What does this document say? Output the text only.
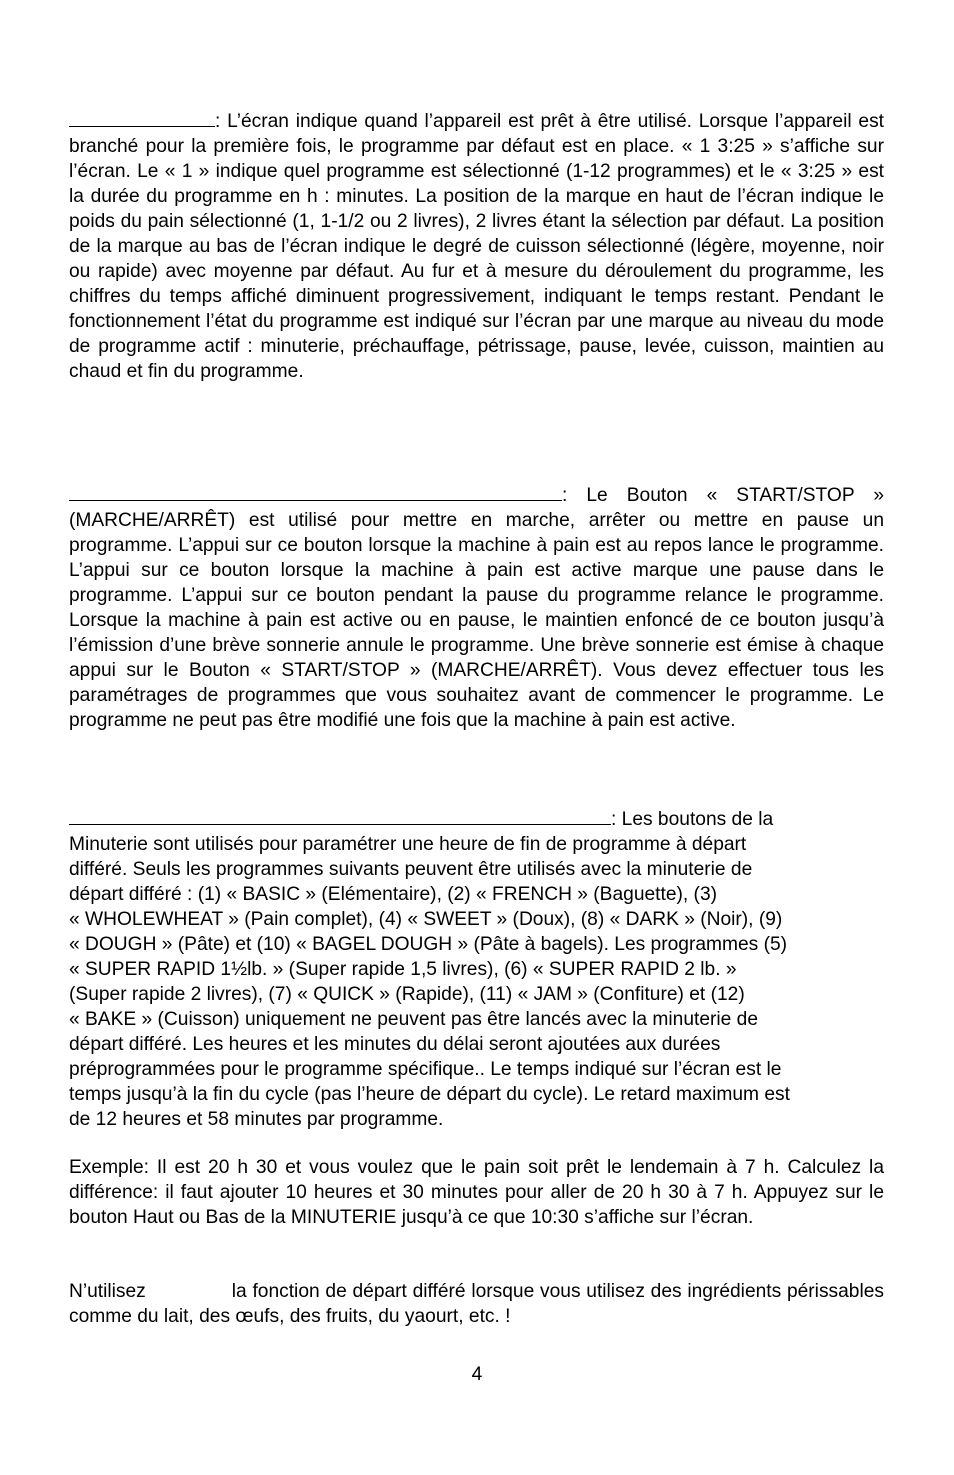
: L’écran indique quand l’appareil est prêt à être utilisé. Lorsque l’appareil est branché pour la première fois, le programme par défaut est en place. « 1 3:25 » s’affiche sur l’écran. Le « 1 » indique quel programme est sélectionné (1-12 programmes) et le « 3:25 » est la durée du programme en h : minutes. La position de la marque en haut de l’écran indique le poids du pain sélectionné (1, 1-1/2 ou 2 livres), 2 livres étant la sélection par défaut. La position de la marque au bas de l’écran indique le degré de cuisson sélectionné (légère, moyenne, noir ou rapide) avec moyenne par défaut. Au fur et à mesure du déroulement du programme, les chiffres du temps affiché diminuent progressivement, indiquant le temps restant. Pendant le fonctionnement l’état du programme est indiqué sur l’écran par une marque au niveau du mode de programme actif : minuterie, préchauffage, pétrissage, pause, levée, cuisson, maintien au chaud et fin du programme.

: Le Bouton « START/STOP » (MARCHE/ARRÊT) est utilisé pour mettre en marche, arrêter ou mettre en pause un programme. L’appui sur ce bouton lorsque la machine à pain est au repos lance le programme. L’appui sur ce bouton lorsque la machine à pain est active marque une pause dans le programme. L’appui sur ce bouton pendant la pause du programme relance le programme. Lorsque la machine à pain est active ou en pause, le maintien enfoncé de ce bouton jusqu’à l’émission d’une brève sonnerie annule le programme. Une brève sonnerie est émise à chaque appui sur le Bouton « START/STOP » (MARCHE/ARRÊT). Vous devez effectuer tous les paramétrages de programmes que vous souhaitez avant de commencer le programme. Le programme ne peut pas être modifié une fois que la machine à pain est active.

: Les boutons de la
Minuterie sont utilisés pour paramétrer une heure de fin de programme à départ
différé. Seuls les programmes suivants peuvent être utilisés avec la minuterie de
départ différé : (1) « BASIC » (Elémentaire), (2) « FRENCH » (Baguette), (3)
« WHOLEWHEAT » (Pain complet), (4) « SWEET » (Doux), (8) « DARK » (Noir), (9)
« DOUGH » (Pâte) et (10) « BAGEL DOUGH » (Pâte à bagels). Les programmes (5)
« SUPER RAPID 1½lb. » (Super rapide 1,5 livres), (6) « SUPER RAPID 2 lb. »
(Super rapide 2 livres), (7) « QUICK » (Rapide), (11) « JAM » (Confiture) et (12)
« BAKE » (Cuisson) uniquement ne peuvent pas être lancés avec la minuterie de
départ différé. Les heures et les minutes du délai seront ajoutées aux durées
préprogrammées pour le programme spécifique.. Le temps indiqué sur l’écran est le
temps jusqu’à la fin du cycle (pas l’heure de départ du cycle). Le retard maximum est
de 12 heures et 58 minutes par programme.

Exemple: Il est 20 h 30 et vous voulez que le pain soit prêt le lendemain à 7 h. Calculez la différence: il faut ajouter 10 heures et 30 minutes pour aller de 20 h 30 à 7 h. Appuyez sur le bouton Haut ou Bas de la MINUTERIE jusqu’à ce que 10:30 s’affiche sur l’écran.

N’utilisez	la fonction de départ différé lorsque vous utilisez des ingrédients périssables comme du lait, des œufs, des fruits, du yaourt, etc. !

4
